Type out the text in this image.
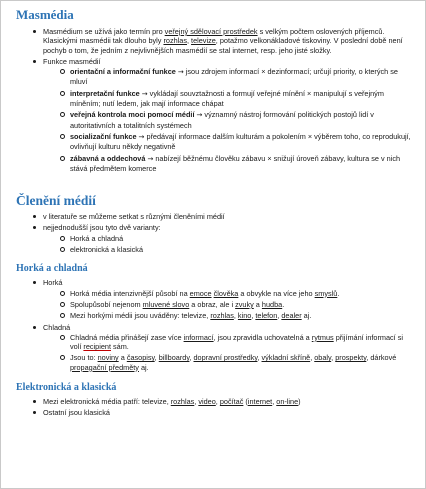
Masmédia
Masmédium se užívá jako termín pro veřejný sdělovací prostředek s velkým počtem oslovených příjemců. Klasickými masmédii tak dlouho byly rozhlas, televize, potažmo velkonákladové tiskoviny. V poslední době není pochyb o tom, že jedním z nejvlivnějších masmédií se stal internet, resp. jeho jisté složky.
Funkce masmédií
orientační a informační funkce → jsou zdrojem informací × dezinformací; určují priority, o kterých se mluví
interpretační funkce → vykládají souvztažnosti a formují veřejné mínění × manipulují s veřejným míněním; nutí ledem, jak mají informace chápat
veřejná kontrola moci pomocí médií → významný nástroj formování politických postojů lidí v autoritativních a totalitních systémech
socializační funkce → předávají informace dalším kulturám a pokolením × výběrem toho, co reprodukují, ovlivňují kulturu někdy negativně
zábavná a oddechová → nabízejí běžnému člověku zábavu × snižují úroveň zábavy, kultura se v nich stává předmětem komerce
Členění médií
v literatuře se můžeme setkat s různými členěními médií
nejjednodušší jsou tyto dvě varianty:
Horká a chladná
elektronická a klasická
Horká a chladná
Horká
Horká média intenzivnější působí na emoce člověka a obvykle na více jeho smyslů.
Spolupůsobí nejenom mluvené slovo a obraz, ale i zvuky a hudba.
Mezi horkými médii jsou uváděny: televize, rozhlas, kino, telefon, dealer aj.
Chladná
Chladná média přinášejí zase více informací, jsou zpravidla uchovatelná a rytmus přijímání informací si volí recipient sám.
Jsou to: noviny a časopisy, billboardy, dopravní prostředky, výkladní skříně, obaly, prospekty, dárkové propagační předměty aj.
Elektronická a klasická
Mezi elektronická média patří: televize, rozhlas, video, počítač (internet, on-line)
Ostatní jsou klasická
